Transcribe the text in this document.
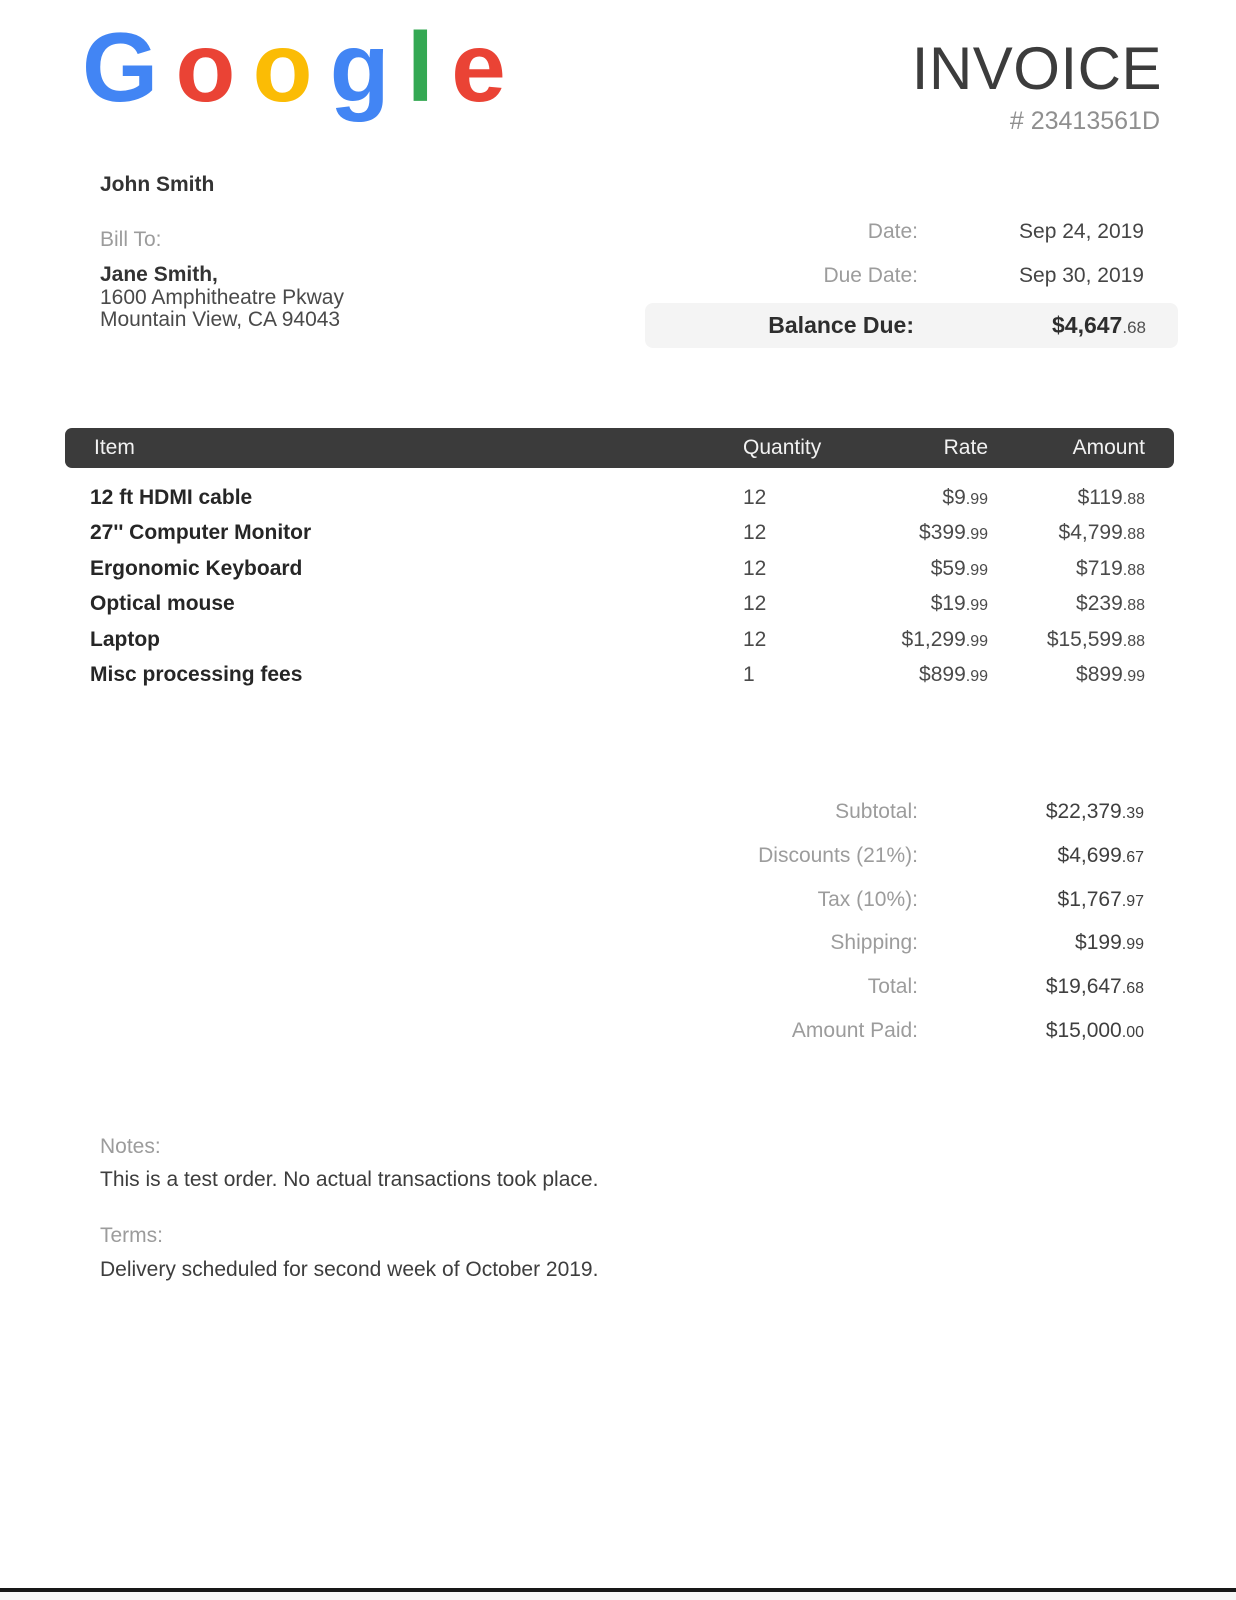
G o o g l e	INVOICE
# 23413561D
John Smith
Bill To:
Jane Smith,
1600 Amphitheatre Pkway
Mountain View, CA 94043
Date:	Sep 24, 2019
Due Date:	Sep 30, 2019
Balance Due:	$4,647.68
Item	Quantity	Rate	Amount
12 ft HDMI cable	12	$9.99	$119.88
27'' Computer Monitor	12	$399.99	$4,799.88
Ergonomic Keyboard	12	$59.99	$719.88
Optical mouse	12	$19.99	$239.88
Laptop	12	$1,299.99	$15,599.88
Misc processing fees	1	$899.99	$899.99
Subtotal:	$22,379.39
Discounts (21%):	$4,699.67
Tax (10%):	$1,767.97
Shipping:	$199.99
Total:	$19,647.68
Amount Paid:	$15,000.00
Notes:
This is a test order. No actual transactions took place.
Terms:
Delivery scheduled for second week of October 2019.
